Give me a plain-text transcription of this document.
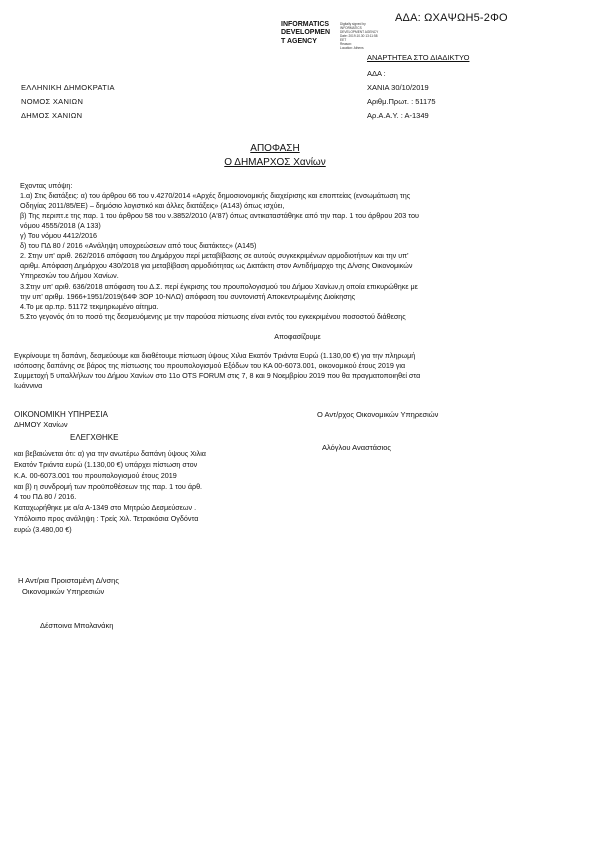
ΑΔΑ: ΩΧΑΨΩΗ5-2ΦΟ
INFORMATICS
DEVELOPMEN
T AGENCY
Digitally signed by
INFORMATICS
DEVELOPMENT AGENCY
Date: 2019.10.30 13:11:58
EET
Reason:
Location: Athens
ΑΝΑΡΤΗΤΕΑ ΣΤΟ ΔΙΑΔΙΚΤΥΟ
ΕΛΛΗΝΙΚΗ ΔΗΜΟΚΡΑΤΙΑ
ΝΟΜΟΣ ΧΑΝΙΩΝ
ΔΗΜΟΣ ΧΑΝΙΩΝ
ΑΔΑ :
ΧΑΝΙΑ 30/10/2019
Αριθμ.Πρωτ. : 51175
Αρ.Α.Α.Υ. : Α-1349
ΑΠΟΦΑΣΗ
Ο ΔΗΜΑΡΧΟΣ Χανίων
Εχοντας υπόψη:
1.α) Στις διατάξεις: α) του άρθρου 66 του ν.4270/2014 «Αρχές δημοσιονομικής διαχείρισης και εποπτείας (ενσωμάτωση της
Οδηγίας 2011/85/ΕΕ) – δημόσιο λογιστικό και άλλες διατάξεις» (Α143) όπως ισχύει,
β) Της περιπτ.ε της παρ. 1 του άρθρου 58 του ν.3852/2010 (Α'87) όπως αντικαταστάθηκε από την παρ. 1 του άρθρου 203 του
νόμου 4555/2018 (Α 133)
γ) Του νόμου 4412/2016
δ) του ΠΔ 80 / 2016 «Ανάληψη υποχρεώσεων από τους διατάκτες» (Α145)
2. Στην υπ' αριθ. 262/2016 απόφαση του Δημάρχου περί μεταβίβασης σε αυτούς συγκεκριμένων αρμοδιοτήτων και την υπ'
αριθμ. Απόφαση Δημάρχου 430/2018 για μεταβίβαση αρμοδιότητας ως Διατάκτη στον Αντιδήμαρχο της Δ/νσης Οικονομικών
Υπηρεσιών του Δήμου Χανίων.
3.Στην υπ' αριθ. 636/2018 απόφαση του Δ.Σ. περί έγκρισης του προυπολογισμού του Δήμου Χανίων,η οποία επικυρώθηκε με
την υπ' αριθμ. 1966+1951/2019(64Φ 3ΟΡ 10-ΝΛΩ) απόφαση του συντονιστή Αποκεντρωμένης Διοίκησης
4.Το με αρ.πρ. 51172 τεκμηριωμένο αίτημα.
5.Στο γεγονός ότι το ποσό της δεσμευόμενης με την παρούσα πίστωσης είναι εντός του εγκεκριμένου ποσοστού διάθεσης
Αποφασίζουμε
Εγκρίνουμε τη δαπάνη, δεσμεύουμε και διαθέτουμε πίστωση ύψους Χιλια Εκατόν Τριάντα Ευρώ (1.130,00 €) για την πληρωμή
ισόποσης δαπάνης σε βάρος της πίστωσης του προυπολογισμού Εξόδων του ΚΑ 00-6073.001, οικονομικού έτους 2019 για
Συμμετοχή 5 υπαλλήλων του Δήμου Χανίων στο 11ο OTS FORUM στις 7, 8 και 9 Νοεμβρίου 2019 που θα πραγματοποιηθεί στα
Ιωάννινα
ΟΙΚΟΝΟΜΙΚΗ ΥΠΗΡΕΣΙΑ
ΔΗΜΟΥ Χανίων
ΕΛΕΓΧΘΗΚΕ
και βεβαιώνεται ότι: α) για την ανωτέρω δαπάνη ύψους Χιλια
Εκατόν Τριάντα ευρώ (1.130,00 €) υπάρχει πίστωση στον
Κ.Α. 00-6073.001 του προυπολογισμού έτους 2019
και β) η συνδρομή των προϋποθέσεων της παρ. 1 του άρθ.
4 του ΠΔ 80 / 2016.
Καταχωρήθηκε με α/α Α-1349 στο Μητρώο Δεσμεύσεων .
Υπόλοιπο προς ανάληψη : Τρείς Χιλ. Τετρακόσια Ογδόντα
ευρώ (3.480,00 €)
Ο Αντ/ρχος Οικονομικών Υπηρεσιών
Αλόγλου Αναστάσιος
Η Αντ/ρια Προισταμένη Δ/νσης
Οικονομικών Υπηρεσιών
Δέσποινα Μπολανάκη
